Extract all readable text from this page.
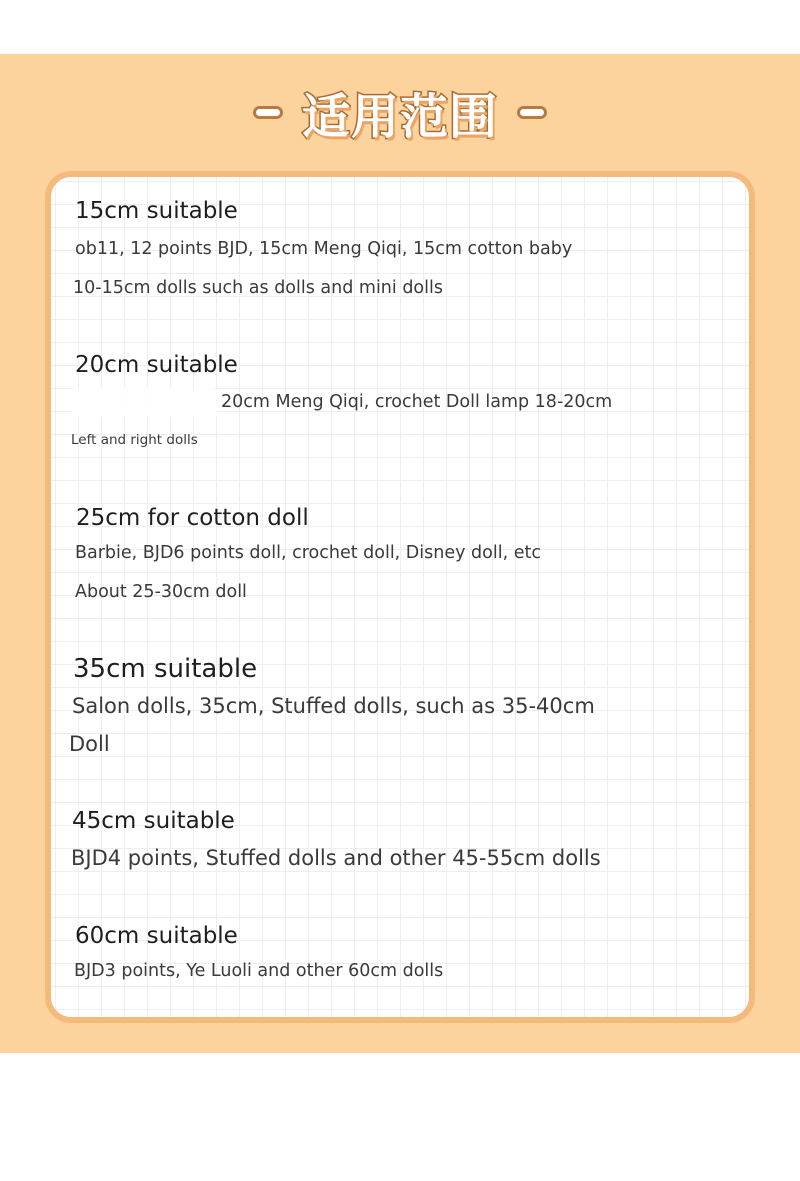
适用范围
15cm suitable
ob11, 12 points BJD, 15cm Meng Qiqi, 15cm cotton baby
10-15cm dolls such as dolls and mini dolls
20cm suitable
20cm Meng Qiqi, crochet Doll lamp 18-20cm
Left and right dolls
25cm for cotton doll
Barbie, BJD6 points doll, crochet doll, Disney doll, etc
About 25-30cm doll
35cm suitable
Salon dolls, 35cm, Stuffed dolls, such as 35-40cm
Doll
45cm suitable
BJD4 points, Stuffed dolls and other 45-55cm dolls
60cm suitable
BJD3 points, Ye Luoli and other 60cm dolls
